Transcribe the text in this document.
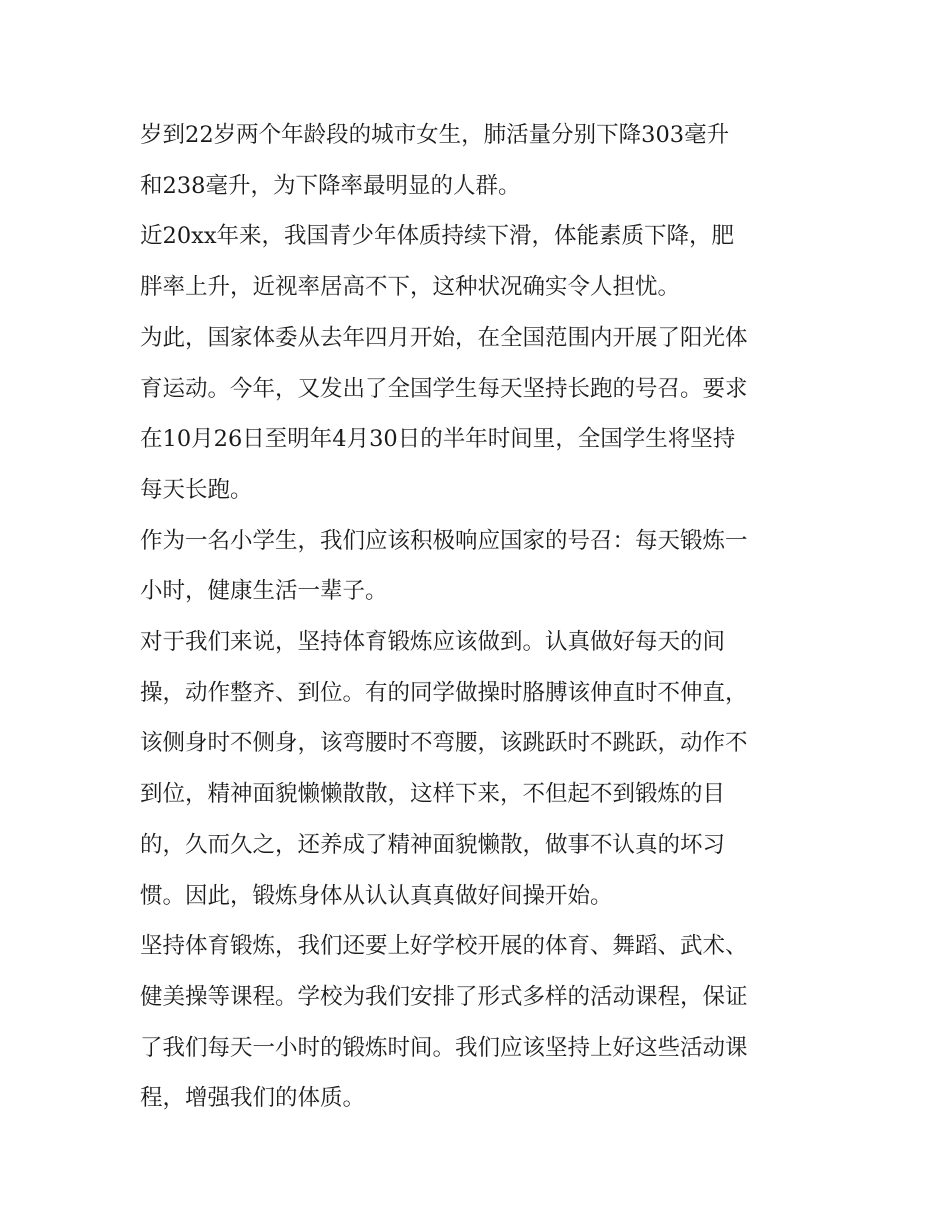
岁到22岁两个年龄段的城市女生，肺活量分别下降303毫升
和238毫升，为下降率最明显的人群。

近20xx年来，我国青少年体质持续下滑，体能素质下降，肥
胖率上升，近视率居高不下，这种状况确实令人担忧。

为此，国家体委从去年四月开始，在全国范围内开展了阳光体
育运动。今年，又发出了全国学生每天坚持长跑的号召。要求
在10月26日至明年4月30日的半年时间里，全国学生将坚持
每天长跑。

作为一名小学生，我们应该积极响应国家的号召：每天锻炼一
小时，健康生活一辈子。

对于我们来说，坚持体育锻炼应该做到。认真做好每天的间
操，动作整齐、到位。有的同学做操时胳膊该伸直时不伸直，
该侧身时不侧身，该弯腰时不弯腰，该跳跃时不跳跃，动作不
到位，精神面貌懒懒散散，这样下来，不但起不到锻炼的目
的，久而久之，还养成了精神面貌懒散，做事不认真的坏习
惯。因此，锻炼身体从认认真真做好间操开始。

坚持体育锻炼，我们还要上好学校开展的体育、舞蹈、武术、
健美操等课程。学校为我们安排了形式多样的活动课程，保证
了我们每天一小时的锻炼时间。我们应该坚持上好这些活动课
程，增强我们的体质。
